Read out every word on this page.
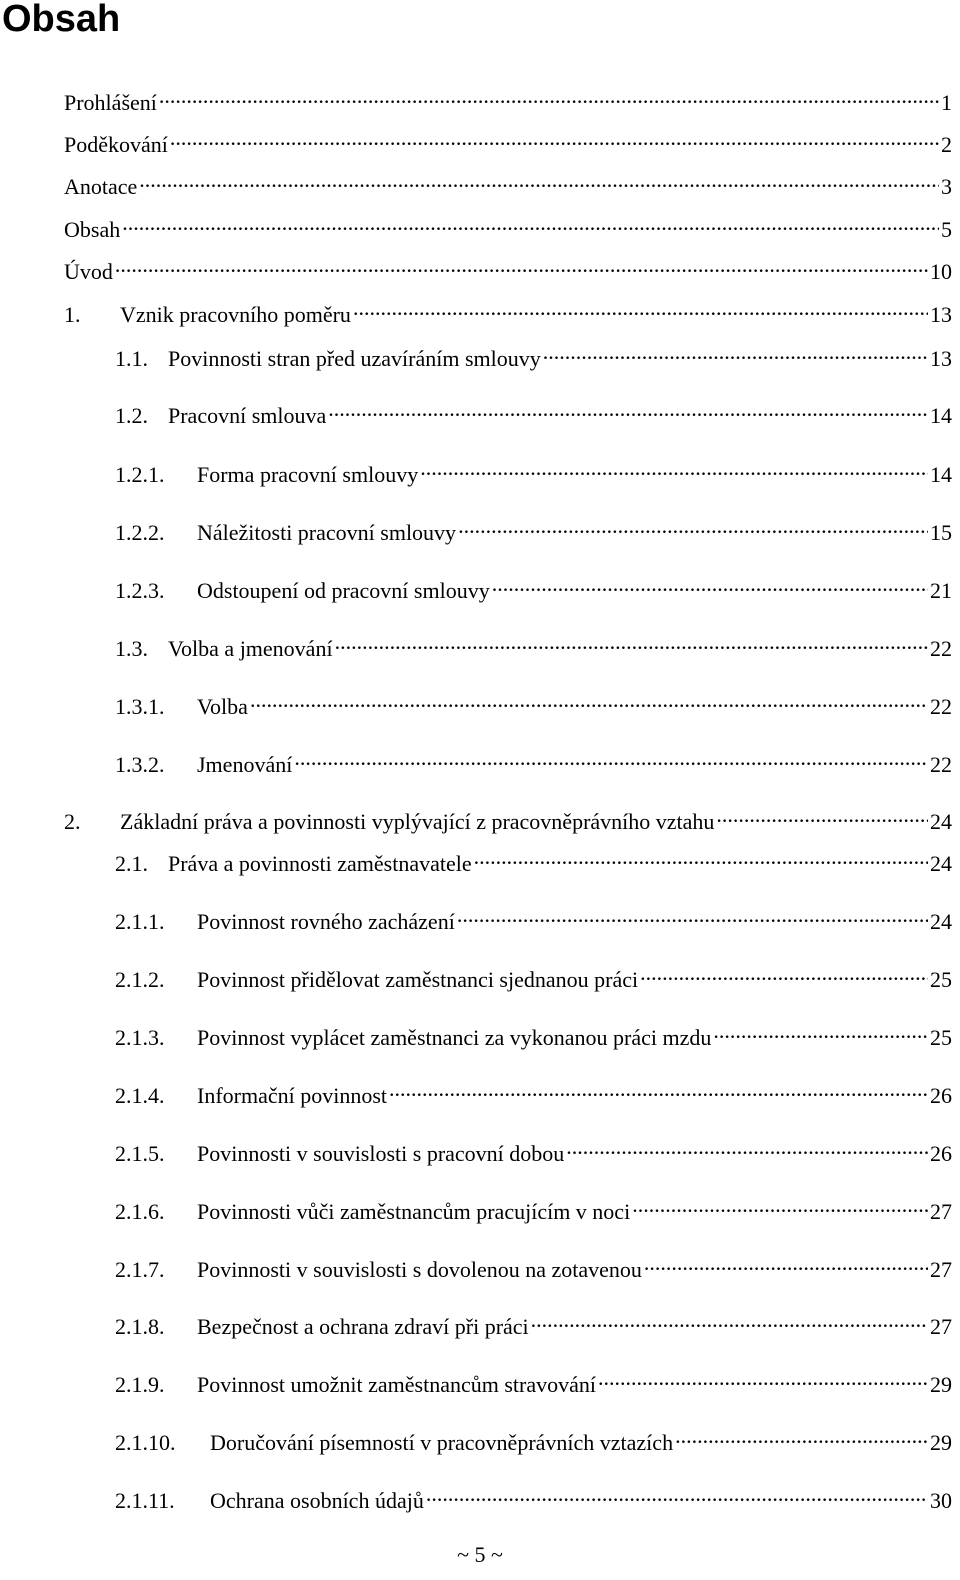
Obsah
Prohlášení .....	1
Poděkování .....	2
Anotace .....	3
Obsah .....	5
Úvod .....	10
1.	Vznik pracovního poměru .....	13
1.1. Povinnosti stran před uzavíráním smlouvy .....	13
1.2. Pracovní smlouva .....	14
1.2.1.	Forma pracovní smlouvy .....	14
1.2.2.	Náležitosti pracovní smlouvy .....	15
1.2.3.	Odstoupení od pracovní smlouvy .....	21
1.3. Volba a jmenování .....	22
1.3.1.	Volba .....	22
1.3.2.	Jmenování .....	22
2.	Základní práva a povinnosti vyplývající z pracovněprávního vztahu .....	24
2.1. Práva a povinnosti zaměstnavatele .....	24
2.1.1.	Povinnost rovného zacházení .....	24
2.1.2.	Povinnost přidělovat zaměstnanci sjednanou práci .....	25
2.1.3.	Povinnost vyplácet zaměstnanci za vykonanou práci mzdu .....	25
2.1.4.	Informační povinnost .....	26
2.1.5.	Povinnosti v souvislosti s pracovní dobou .....	26
2.1.6.	Povinnosti vůči zaměstnancům pracujícím v noci .....	27
2.1.7.	Povinnosti v souvislosti s dovolenou na zotavenou .....	27
2.1.8.	Bezpečnost a ochrana zdraví při práci .....	27
2.1.9.	Povinnost umožnit zaměstnancům stravování .....	29
2.1.10.	Doručování písemností v pracovněprávních vztazích .....	29
2.1.11.	Ochrana osobních údajů .....	30
~ 5 ~
